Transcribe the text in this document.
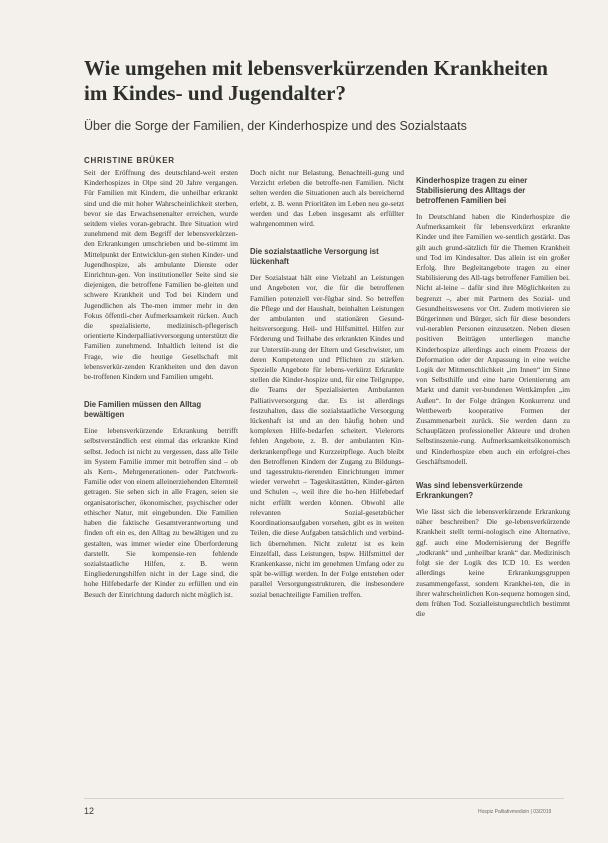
Wie umgehen mit lebensverkürzenden Krankheiten im Kindes- und Jugendalter?

Über die Sorge der Familien, der Kinderhospize und des Sozialstaats

CHRISTINE BRÜKER

Seit der Eröffnung des deutschland-weit ersten Kinderhospizes in Olpe sind 20 Jahre vergangen. Für Familien mit Kindern, die unheilbar erkrankt sind und die mit hoher Wahrscheinlichkeit sterben, bevor sie das Erwachsenenalter erreichen, wurde seitdem vieles voran-gebracht. Ihre Situation wird zunehmend mit dem Begriff der lebensverkürzen-den Erkrankungen umschrieben und be-stimmt im Mittelpunkt der Entwicklun-gen stehen Kinder- und Jugendhospize, als ambulante Dienste oder Einrichtun-gen. Von institutioneller Seite sind sie diejenigen, die betroffene Familien be-gleiten und schwere Krankheit und Tod bei Kindern und Jugendlichen als The-men immer mehr in den Fokus öffentli-cher Aufmerksamkeit rücken. Auch die spezialisierte, medizinisch-pflegerisch orientierte Kinderpalliativversorgung unterstützt die Familien zunehmend. Inhaltlich leitend ist die Frage, wie die heutige Gesellschaft mit lebensverkür-zenden Krankheiten und den davon be-troffenen Kindern und Familien umgeht.

Die Familien müssen den Alltag bewältigen

Eine lebensverkürzende Erkrankung betrifft selbstverständlich erst einmal das erkrankte Kind selbst. Jedoch ist nicht zu vergessen, dass alle Teile im System Familie immer mit betroffen sind – ob als Kern-, Mehrgenerationen- oder Patchwork-Familie oder von einem alleinerziehenden Elternteil getragen. Sie sehen sich in alle Fragen, seien sie organisatorischer, ökonomischer, psychischer oder ethischer Natur, mit eingebunden. Die Familien haben die faktische Gesamtverantwortung und finden oft ein es, den Alltag zu bewältigen und zu gestalten, was immer wieder eine Überforderung darstellt. Sie kompensie-ren fehlende sozialstaatliche Hilfen, z. B. wenn Eingliederungshilfen nicht in der Lage sind, die hohe Hilfebedarfe der Kinder zu erfüllen und ein Besuch der Einrichtung dadurch nicht möglich ist.

Doch nicht nur Belastung, Benachteili-gung und Verzicht erleben die betroffe-nen Familien. Nicht selten werden die Situationen auch als bereichernd erlebt, z. B. wenn Prioritäten im Leben neu ge-setzt werden und das Leben insgesamt als erfüllter wahrgenommen wird.

Die sozialstaatliche Versorgung ist lückenhaft

Der Sozialstaat hält eine Vielzahl an Leistungen und Angeboten vor, die für die betroffenen Familien potenziell ver-fügbar sind. So betreffen die Pflege und der Haushalt, beinhalten Leistungen der ambulanten und stationären Gesund-heitsversorgung. Heil- und Hilfsmittel. Hilfen zur Förderung und Teilhabe des erkrankten Kindes und zur Unterstüt-zung der Eltern und Geschwister, um deren Kompetenzen und Pflichten zu stärken. Spezielle Angebote für lebens-verkürzt Erkrankte stellen die Kinder-hospize und, für eine Teilgruppe, die Teams der Spezialisierten Ambulanten Palliativversorgung dar. Es ist allerdings festzuhalten, dass die sozialstaatliche Versorgung lückenhaft ist und an den häufig hohen und komplexen Hilfe-bedarfen scheitert. Vielerorts fehlen Angebote, z. B. der ambulanten Kin-derkrankenpflege und Kurzzeitpflege. Auch bleibt den Betroffenen Kindern der Zugang zu Bildungs- und tagesstruktu-rierenden Einrichtungen immer wieder verwehrt – Tageskitastätten, Kinder-gärten und Schulen –, weil ihre die ho-hen Hilfebedarf nicht erfüllt werden können. Obwohl alle relevanten Sozial-gesetzbücher Koordinationsaufgaben vorsehen, gibt es in weiten Teilen, die diese Aufgaben tatsächlich und verbind-lich übernehmen. Nicht zuletzt ist es kein Einzelfall, dass Leistungen, bspw. Hilfsmittel der Krankenkasse, nicht im genehmen Umfang oder zu spät be-willigt werden. In der Folge entstehen oder parallel Versorgungsstrukturen, die insbesondere sozial benachteiligte Familien treffen.

Kinderhospize tragen zu einer Stabilisierung des Alltags der betroffenen Familien bei

In Deutschland haben die Kinderhospize die Aufmerksamkeit für lebensverkürzt erkrankte Kinder und ihre Familien we-sentlich gestärkt. Das gilt auch grund-sätzlich für die Themen Krankheit und Tod im Kindesalter. Das allein ist ein großer Erfolg. Ihre Begleitangebote tragen zu einer Stabilisierung des All-tags betroffener Familien bei. Nicht al-leine – dafür sind ihre Möglichkeiten zu begrenzt –, aber mit Partnern des Sozial- und Gesundheitswesens vor Ort. Zudem motivieren sie Bürgerinnen und Bürger, sich für diese besonders vul-nerablen Personen einzusetzen. Neben diesen positiven Beiträgen unterliegen manche Kinderhospize allerdings auch einem Prozess der Deformation oder der Anpassung in eine weiche Logik der Mitmenschlichkeit „im Innen“ im Sinne von Selbsthilfe und eine harte Orientierung am Markt und damit ver-bundenen Wettkämpfen „im Außen“. In der Folge drängen Konkurrenz und Wettbewerb kooperative Formen der Zusammenarbeit zurück. Sie werden dann zu Schauplätzen professioneller Akteure und drohen Selbstinszenie-rung. Aufmerksamkeitsökonomisch und Kinderhospize eben auch ein erfolgrei-ches Geschäftsmodell.

Was sind lebensverkürzende Erkrankungen?

Wie lässt sich die lebensverkürzende Erkrankung näher beschreiben? Die ge-lebensverkürzende Krankheit stellt termi-nologisch eine Alternative, ggf. auch eine Modernisierung der Begriffe „todkrank“ und „unheilbar krank“ dar. Medizinisch folgt sie der Logik des ICD 10. Es werden allerdings keine Erkrankungsgruppen zusammengefasst, sondern Krankhei-ten, die in ihrer wahrscheinlichen Kon-sequenz homogen sind, dem frühen Tod. Sozialleistungsrechtlich bestimmt die

12	Hospiz Palliativmedizin | 03/2019
